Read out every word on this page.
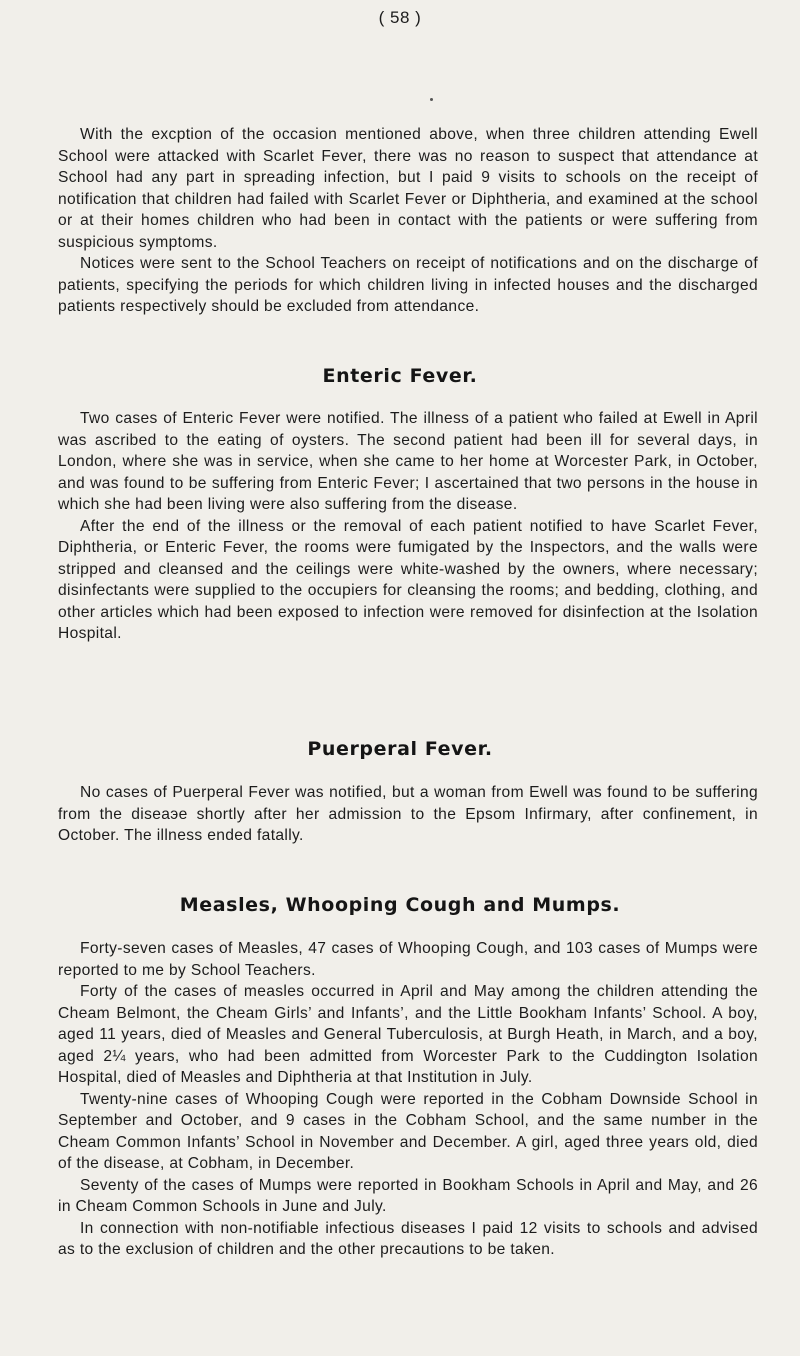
( 58 )

With the excption of the occasion mentioned above, when three children attending Ewell School were attacked with Scarlet Fever, there was no reason to suspect that attendance at School had any part in spreading infection, but I paid 9 visits to schools on the receipt of notification that children had failed with Scarlet Fever or Diphtheria, and examined at the school or at their homes children who had been in contact with the patients or were suffering from suspicious symptoms.

Notices were sent to the School Teachers on receipt of notifications and on the discharge of patients, specifying the periods for which children living in infected houses and the discharged patients respectively should be excluded from attendance.

Enteric Fever.

Two cases of Enteric Fever were notified. The illness of a patient who failed at Ewell in April was ascribed to the eating of oysters. The second patient had been ill for several days, in London, where she was in service, when she came to her home at Worcester Park, in October, and was found to be suffering from Enteric Fever; I ascertained that two persons in the house in which she had been living were also suffering from the disease.

After the end of the illness or the removal of each patient notified to have Scarlet Fever, Diphtheria, or Enteric Fever, the rooms were fumigated by the Inspectors, and the walls were stripped and cleansed and the ceilings were white-washed by the owners, where necessary; disinfectants were supplied to the occupiers for cleansing the rooms; and bedding, clothing, and other articles which had been exposed to infection were removed for disinfection at the Isolation Hospital.

Puerperal Fever.

No cases of Puerperal Fever was notified, but a woman from Ewell was found to be suffering from the diseaэe shortly after her admission to the Epsom Infirmary, after confinement, in October. The illness ended fatally.

Measles, Whooping Cough and Mumps.

Forty-seven cases of Measles, 47 cases of Whooping Cough, and 103 cases of Mumps were reported to me by School Teachers.

Forty of the cases of measles occurred in April and May among the children attending the Cheam Belmont, the Cheam Girls’ and Infants’, and the Little Bookham Infants’ School. A boy, aged 11 years, died of Measles and General Tuberculosis, at Burgh Heath, in March, and a boy, aged 2¼ years, who had been admitted from Worcester Park to the Cuddington Isolation Hospital, died of Measles and Diphtheria at that Institution in July.

Twenty-nine cases of Whooping Cough were reported in the Cobham Downside School in September and October, and 9 cases in the Cobham School, and the same number in the Cheam Common Infants’ School in November and December. A girl, aged three years old, died of the disease, at Cobham, in December.

Seventy of the cases of Mumps were reported in Bookham Schools in April and May, and 26 in Cheam Common Schools in June and July.

In connection with non-notifiable infectious diseases I paid 12 visits to schools and advised as to the exclusion of children and the other precautions to be taken.
